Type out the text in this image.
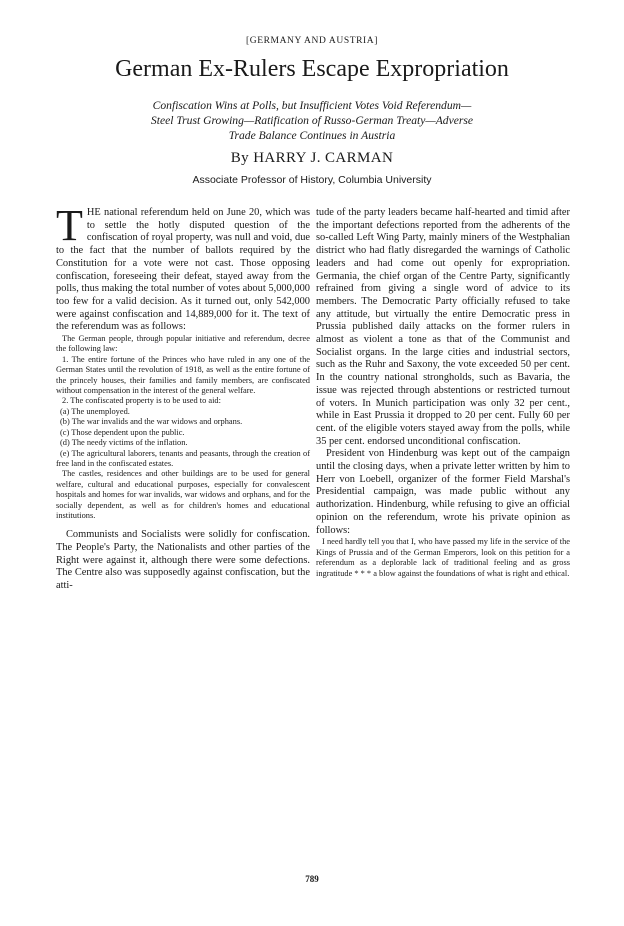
[GERMANY AND AUSTRIA]
German Ex-Rulers Escape Expropriation
Confiscation Wins at Polls, but Insufficient Votes Void Referendum—
Steel Trust Growing—Ratification of Russo-German Treaty—Adverse
Trade Balance Continues in Austria
By HARRY J. CARMAN
Associate Professor of History, Columbia University

THE national referendum held on June 20, which was to settle the hotly disputed question of the confiscation of royal property, was null and void, due to the fact that the number of ballots required by the Constitution for a vote were not cast. Those opposing confiscation, foreseeing their defeat, stayed away from the polls, thus making the total number of votes about 5,000,000 too few for a valid decision. As it turned out, only 542,000 were against confiscation and 14,889,000 for it. The text of the referendum was as follows:

The German people, through popular initiative and referendum, decree the following law:

1. The entire fortune of the Princes who have ruled in any one of the German States until the revolution of 1918, as well as the entire fortune of the princely houses, their families and family members, are confiscated without compensation in the interest of the general welfare.

2. The confiscated property is to be used to aid:

(a) The unemployed.

(b) The war invalids and the war widows and orphans.

(c) Those dependent upon the public.

(d) The needy victims of the inflation.

(e) The agricultural laborers, tenants and peasants, through the creation of free land in the confiscated estates.

The castles, residences and other buildings are to be used for general welfare, cultural and educational purposes, especially for convalescent hospitals and homes for war invalids, war widows and orphans, and for the socially dependent, as well as for children's homes and educational institutions.

Communists and Socialists were solidly for confiscation. The People's Party, the Nationalists and other parties of the Right were against it, although there were some defections. The Centre also was supposedly against confiscation, but the atti-

tude of the party leaders became half-hearted and timid after the important defections reported from the adherents of the so-called Left Wing Party, mainly miners of the Westphalian district who had flatly disregarded the warnings of Catholic leaders and had come out openly for expropriation. Germania, the chief organ of the Centre Party, significantly refrained from giving a single word of advice to its members. The Democratic Party officially refused to take any attitude, but virtually the entire Democratic press in Prussia published daily attacks on the former rulers in almost as violent a tone as that of the Communist and Socialist organs. In the large cities and industrial sectors, such as the Ruhr and Saxony, the vote exceeded 50 per cent. In the country national strongholds, such as Bavaria, the issue was rejected through abstentions or restricted turnout of voters. In Munich participation was only 32 per cent., while in East Prussia it dropped to 20 per cent. Fully 60 per cent. of the eligible voters stayed away from the polls, while 35 per cent. endorsed unconditional confiscation.

President von Hindenburg was kept out of the campaign until the closing days, when a private letter written by him to Herr von Loebell, organizer of the former Field Marshal's Presidential campaign, was made public without any authorization. Hindenburg, while refusing to give an official opinion on the referendum, wrote his private opinion as follows:

I need hardly tell you that I, who have passed my life in the service of the Kings of Prussia and of the German Emperors, look on this petition for a referendum as a deplorable lack of traditional feeling and as gross ingratitude * * * a blow against the foundations of what is right and ethical.

789
